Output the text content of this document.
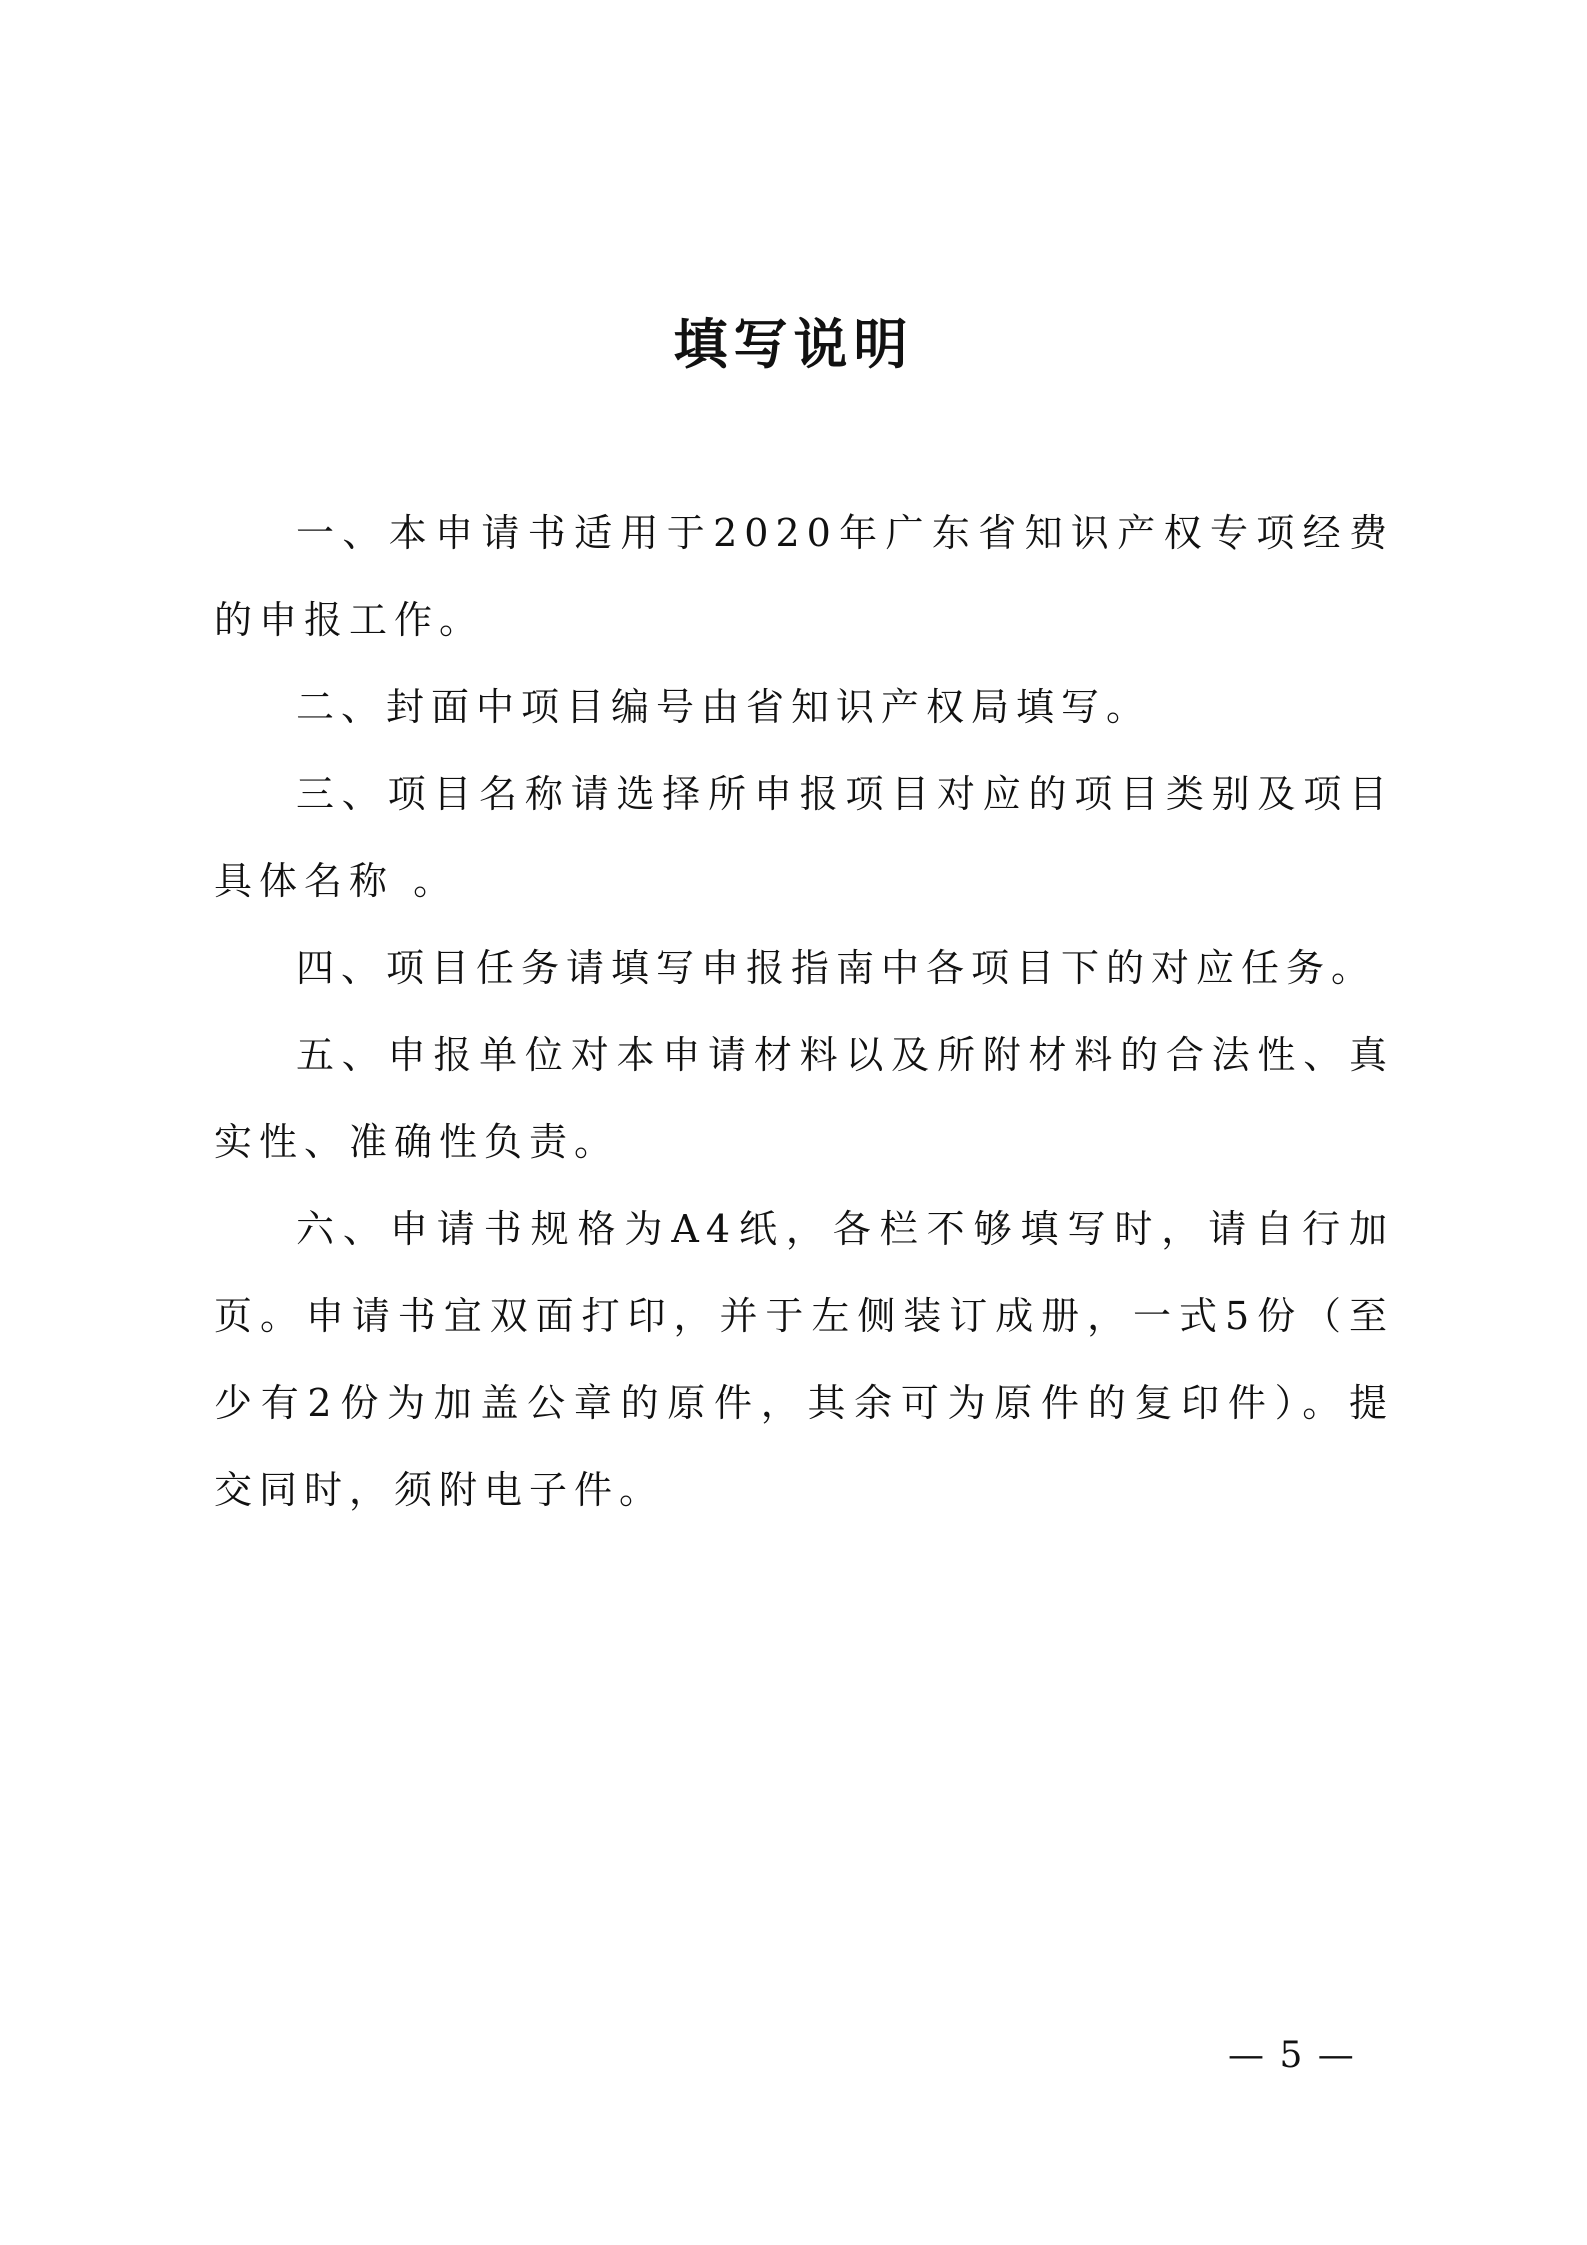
填写说明

一、本申请书适用于2020年广东省知识产权专项经费的申报工作。

二、封面中项目编号由省知识产权局填写。

三、项目名称请选择所申报项目对应的项目类别及项目具体名称 。

四、项目任务请填写申报指南中各项目下的对应任务。

五、申报单位对本申请材料以及所附材料的合法性、真实性、准确性负责。

六、申请书规格为A4纸，各栏不够填写时，请自行加页。申请书宜双面打印，并于左侧装订成册，一式5份（至少有2份为加盖公章的原件，其余可为原件的复印件）。提交同时，须附电子件。

— 5 —
